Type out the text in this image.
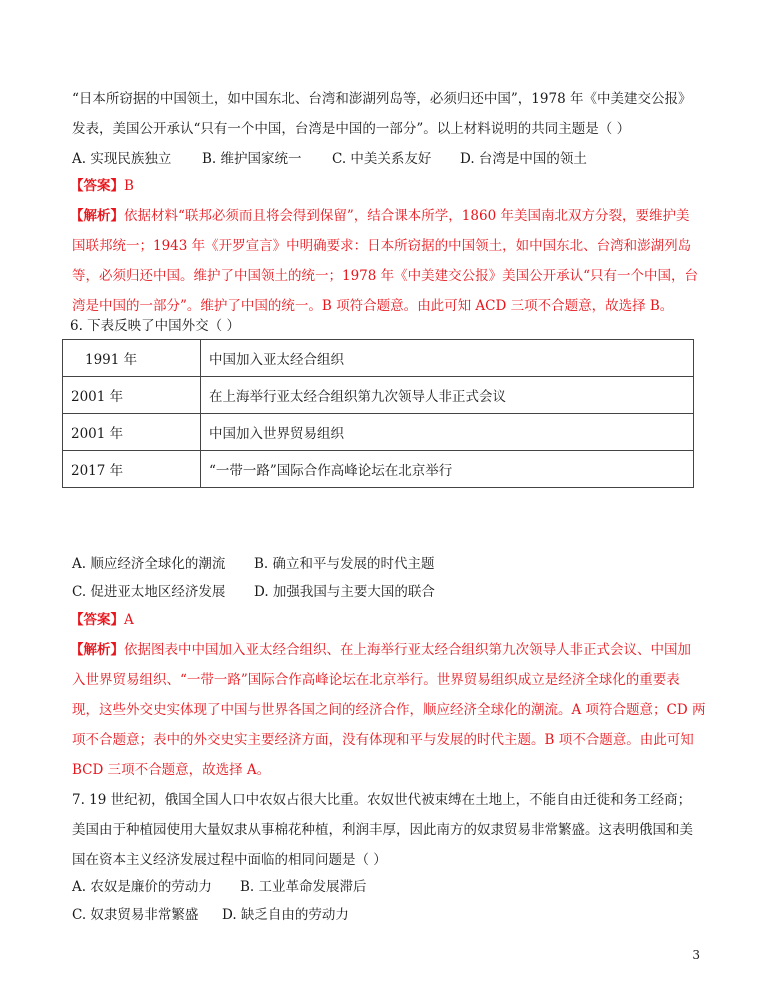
“日本所窃据的中国领土，如中国东北、台湾和澎湖列岛等，必须归还中国”，1978 年《中美建交公报》
发表，美国公开承认“只有一个中国，台湾是中国的一部分”。以上材料说明的共同主题是（ ）
A. 实现民族独立 B. 维护国家统一 C. 中美关系友好 D. 台湾是中国的领土
【答案】B
【解析】依据材料“联邦必须而且将会得到保留”，结合课本所学，1860 年美国南北双方分裂，要维护美
国联邦统一；1943 年《开罗宣言》中明确要求：日本所窃据的中国领土，如中国东北、台湾和澎湖列岛
等，必须归还中国。维护了中国领土的统一；1978 年《中美建交公报》美国公开承认“只有一个中国，台
湾是中国的一部分”。维护了中国的统一。B 项符合题意。由此可知 ACD 三项不合题意，故选择 B。
6. 下表反映了中国外交（ ）
1991 年	中国加入亚太经合组织
2001 年	在上海举行亚太经合组织第九次领导人非正式会议
2001 年	中国加入世界贸易组织
2017 年	“一带一路”国际合作高峰论坛在北京举行
A. 顺应经济全球化的潮流 B. 确立和平与发展的时代主题
C. 促进亚太地区经济发展 D. 加强我国与主要大国的联合
【答案】A
【解析】依据图表中中国加入亚太经合组织、在上海举行亚太经合组织第九次领导人非正式会议、中国加
入世界贸易组织、“一带一路”国际合作高峰论坛在北京举行。世界贸易组织成立是经济全球化的重要表
现，这些外交史实体现了中国与世界各国之间的经济合作，顺应经济全球化的潮流。A 项符合题意；CD 两
项不合题意；表中的外交史实主要经济方面，没有体现和平与发展的时代主题。B 项不合题意。由此可知
BCD 三项不合题意，故选择 A。
7. 19 世纪初，俄国全国人口中农奴占很大比重。农奴世代被束缚在土地上，不能自由迁徙和务工经商；
美国由于种植园使用大量奴隶从事棉花种植，利润丰厚，因此南方的奴隶贸易非常繁盛。这表明俄国和美
国在资本主义经济发展过程中面临的相同问题是（ ）
A. 农奴是廉价的劳动力 B. 工业革命发展滞后
C. 奴隶贸易非常繁盛 D. 缺乏自由的劳动力
3
